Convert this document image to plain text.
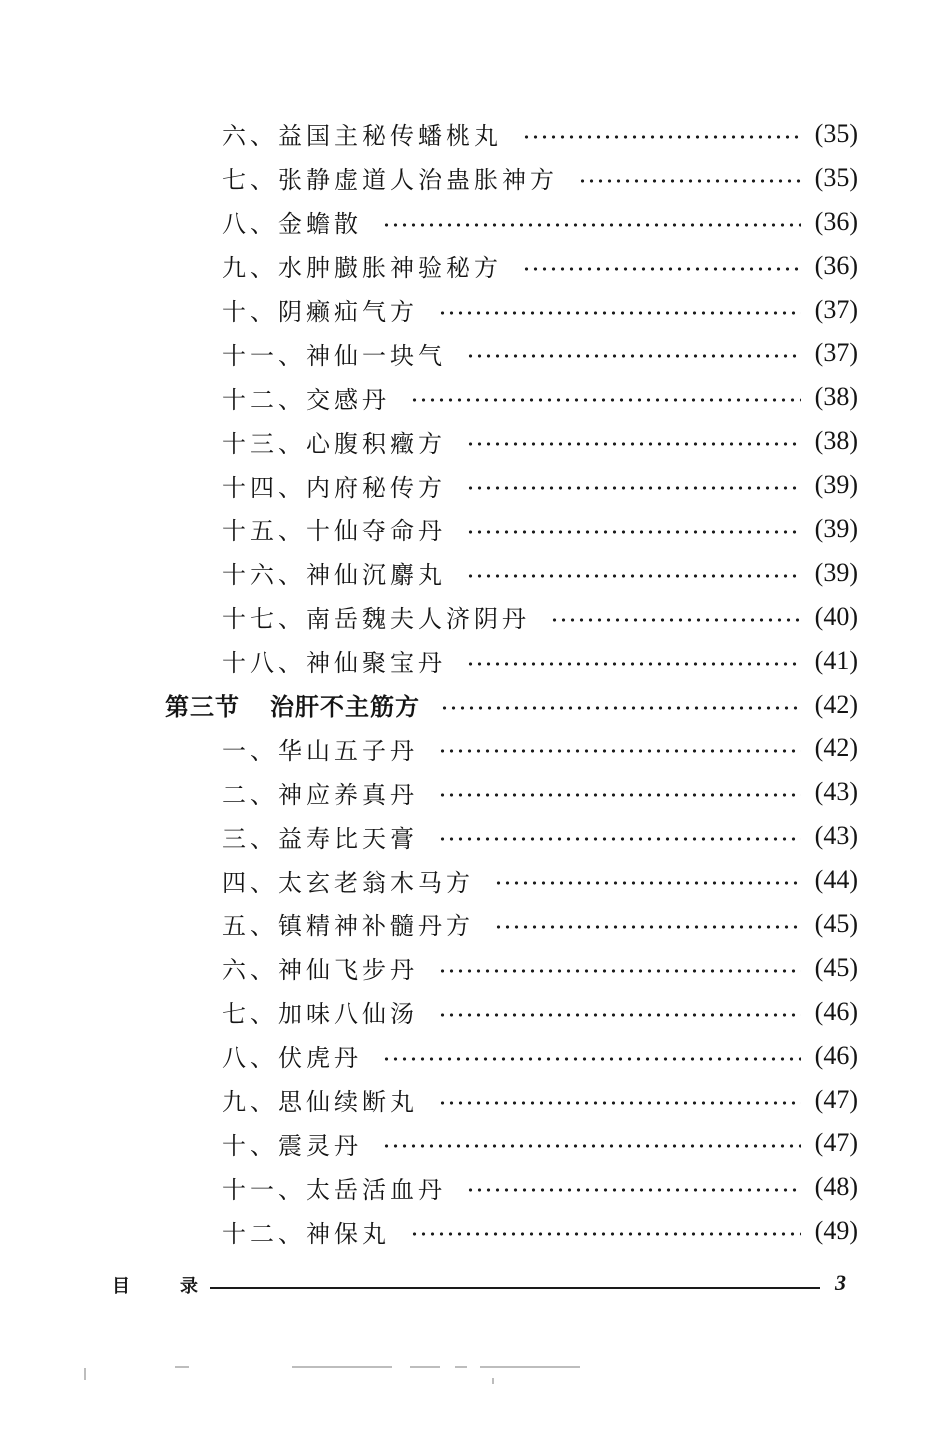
六、益国主秘传蟠桃丸	(35)
七、张静虚道人治蛊胀神方	(35)
八、金蟾散	(36)
九、水肿臌胀神验秘方	(36)
十、阴癞疝气方	(37)
十一、神仙一块气	(37)
十二、交感丹	(38)
十三、心腹积癥方	(38)
十四、内府秘传方	(39)
十五、十仙夺命丹	(39)
十六、神仙沉麝丸	(39)
十七、南岳魏夫人济阴丹	(40)
十八、神仙聚宝丹	(41)
第三节 治肝不主筋方	(42)
一、华山五子丹	(42)
二、神应养真丹	(43)
三、益寿比天膏	(43)
四、太玄老翁木马方	(44)
五、镇精神补髓丹方	(45)
六、神仙飞步丹	(45)
七、加味八仙汤	(46)
八、伏虎丹	(46)
九、思仙续断丸	(47)
十、震灵丹	(47)
十一、太岳活血丹	(48)
十二、神保丸	(49)
目	录	3
